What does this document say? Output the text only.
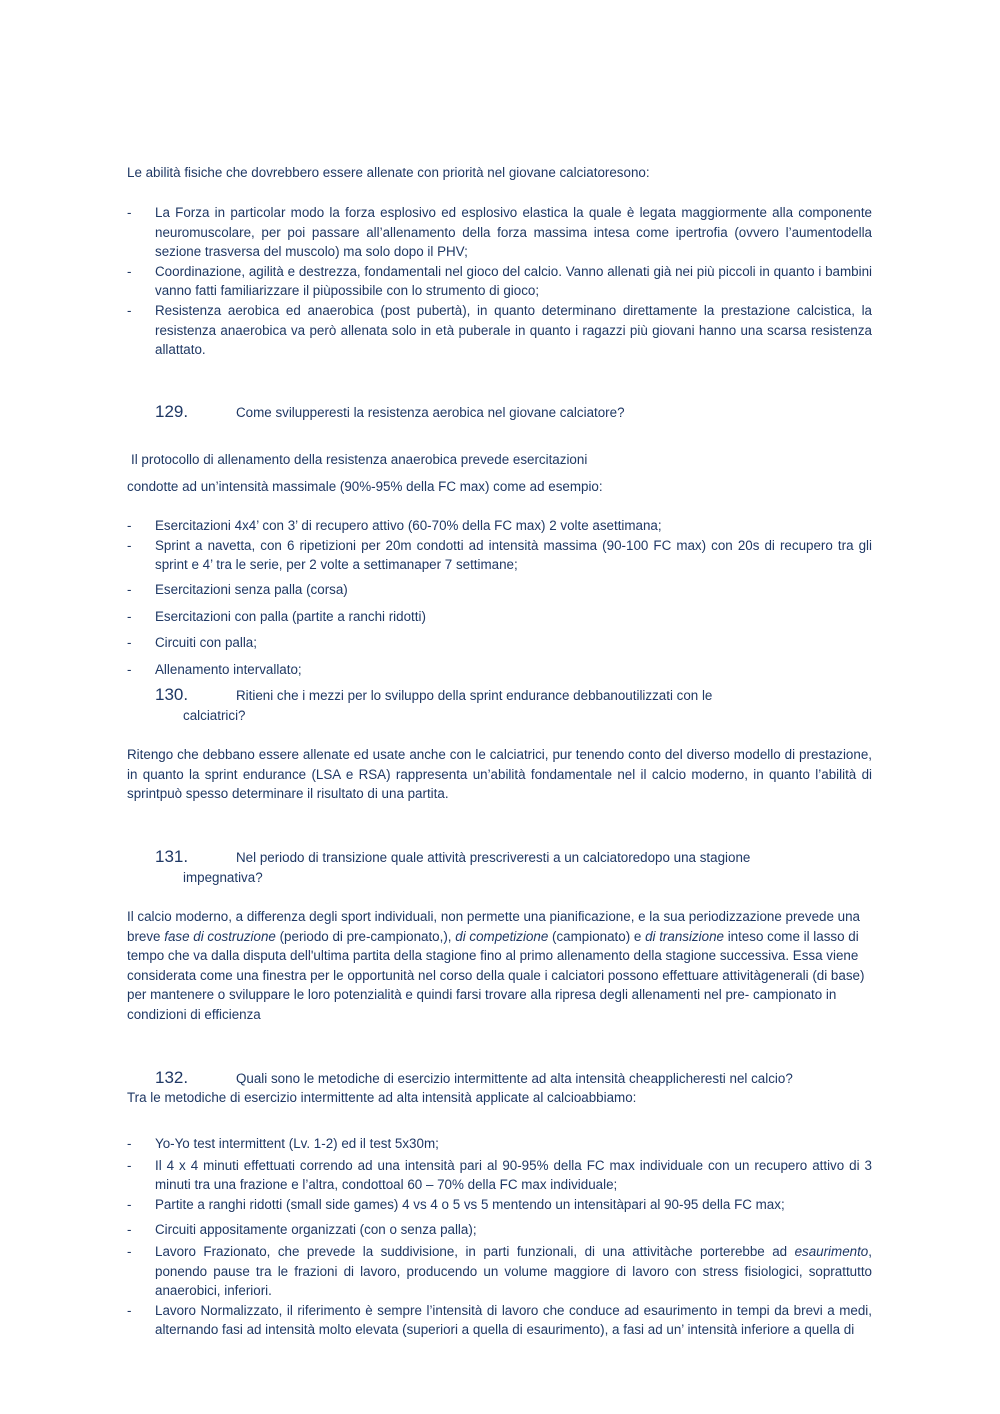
Le abilità fisiche che dovrebbero essere allenate con priorità nel giovane calciatoresono:

- La Forza in particolar modo la forza esplosivo ed esplosivo elastica la quale è legata maggiormente alla componente neuromuscolare, per poi passare all’allenamento della forza massima intesa come ipertrofia (ovvero l’aumentodella sezione trasversa del muscolo) ma solo dopo il PHV;
- Coordinazione, agilità e destrezza, fondamentali nel gioco del calcio. Vanno allenati già nei più piccoli in quanto i bambini vanno fatti familiarizzare il piùpossibile con lo strumento di gioco;
- Resistenza aerobica ed anaerobica (post pubertà), in quanto determinano direttamente la prestazione calcistica, la resistenza anaerobica va però allenata solo in età puberale in quanto i ragazzi più giovani hanno una scarsa resistenza allattato.

129.	Come svilupperesti la resistenza aerobica nel giovane calciatore?

Il protocollo di allenamento della resistenza anaerobica prevede esercitazioni

condotte ad un’intensità massimale (90%-95% della FC max) come ad esempio:

- Esercitazioni 4x4’ con 3’ di recupero attivo (60-70% della FC max) 2 volte asettimana;
- Sprint a navetta, con 6 ripetizioni per 20m condotti ad intensità massima (90-100 FC max) con 20s di recupero tra gli sprint e 4’ tra le serie, per 2 volte a settimanaper 7 settimane;
- Esercitazioni senza palla (corsa)
- Esercitazioni con palla (partite a ranchi ridotti)
- Circuiti con palla;
- Allenamento intervallato;

130.	Ritieni che i mezzi per lo sviluppo della sprint endurance debbanoutilizzati con le
calciatrici?

Ritengo che debbano essere allenate ed usate anche con le calciatrici, pur tenendo conto del diverso modello di prestazione, in quanto la sprint endurance (LSA e RSA) rappresenta un’abilità fondamentale nel il calcio moderno, in quanto l’abilità di sprintpuò spesso determinare il risultato di una partita.

131.	Nel periodo di transizione quale attività prescriveresti a un calciatoredopo una stagione
impegnativa?

Il calcio moderno, a differenza degli sport individuali, non permette una pianificazione, e la sua periodizzazione prevede una breve fase di costruzione (periodo di pre-campionato,), di competizione (campionato) e di transizione inteso come il lasso di tempo che va dalla disputa dell'ultima partita della stagione fino al primo allenamento della stagione successiva. Essa viene considerata come una finestra per le opportunità nel corso della quale i calciatori possono effettuare attivitàgenerali (di base) per mantenere o sviluppare le loro potenzialità e quindi farsi trovare alla ripresa degli allenamenti nel pre- campionato in condizioni di efficienza

132.	Quali sono le metodiche di esercizio intermittente ad alta intensità cheapplicheresti nel calcio?

Tra le metodiche di esercizio intermittente ad alta intensità applicate al calcioabbiamo:

- Yo-Yo test intermittent (Lv. 1-2) ed il test 5x30m;
- Il 4 x 4 minuti effettuati correndo ad una intensità pari al 90-95% della FC max individuale con un recupero attivo di 3 minuti tra una frazione e l’altra, condottoal 60 – 70% della FC max individuale;
- Partite a ranghi ridotti (small side games) 4 vs 4 o 5 vs 5 mentendo un intensitàpari al 90-95 della FC max;
- Circuiti appositamente organizzati (con o senza palla);
- Lavoro Frazionato, che prevede la suddivisione, in parti funzionali, di una attivitàche porterebbe ad esaurimento, ponendo pause tra le frazioni di lavoro, producendo un volume maggiore di lavoro con stress fisiologici, soprattutto anaerobici, inferiori.
- Lavoro Normalizzato, il riferimento è sempre l’intensità di lavoro che conduce ad esaurimento in tempi da brevi a medi, alternando fasi ad intensità molto elevata (superiori a quella di esaurimento), a fasi ad un’ intensità inferiore a quella di
